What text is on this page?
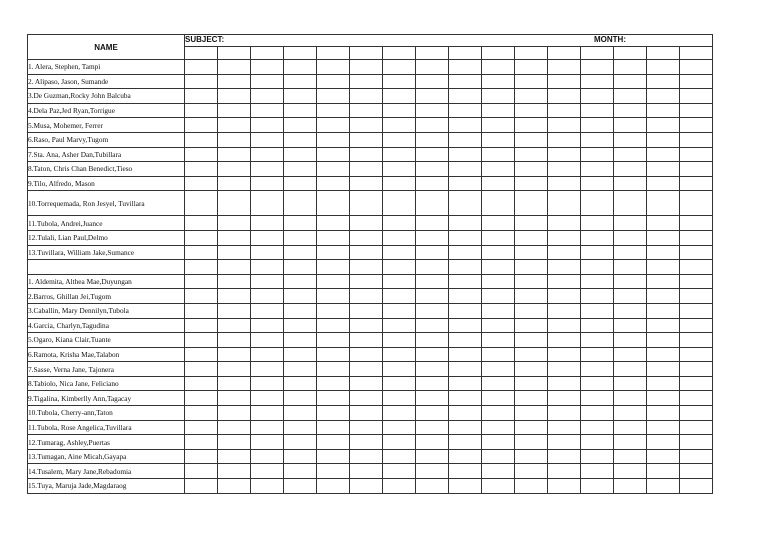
NAME	SUBJECT: MONTH:															

1. Alera, Stephen, Tampi																
2. Alipaso, Jason, Sumande																
3.De Guzman,Rocky John Balcuba																
4.Dela Paz,Jed Ryan,Torrigue																
5.Musa, Mohemer, Ferrer																
6.Raso, Paul Marvy,Tugom																
7.Sta. Ana, Asher Dan,Tubillara																
8.Taton, Chris Chan Benedict,Tieso																
9.Tilo, Alfredo, Mason																
10.Torrequemada, Ron Jesyel, Tuvillara																
11.Tubola, Andrei,Juance																
12.Tulali, Lian Paul,Delmo																
13.Tuvillara, William Jake,Sumance																

1. Aldemita, Althea Mae,Duyungan																
2.Barros, Ghillan Jei,Tugom																
3.Caballin, Mary Dennilyn,Tubola																
4.Garcia, Charlyn,Tagudina																
5.Ogaro, Kiana Clair,Tuante																
6.Ramota, Krisha Mae,Talabon																
7.Sasse, Verna Jane, Tajonera																
8.Tabiolo, Nica Jane, Feliciano																
9.Tigalina, Kimberlly Ann,Tagacay																
10.Tubola, Cherry-ann,Taton																
11.Tubola, Rose Angelica,Tuvillara																
12.Tumarag, Ashley,Puertas																
13.Tumagan, Aine Micah,Gayapa																
14.Tusalem, Mary Jane,Rebadomia																
15.Tuya, Maruja Jade,Magdaraog																
